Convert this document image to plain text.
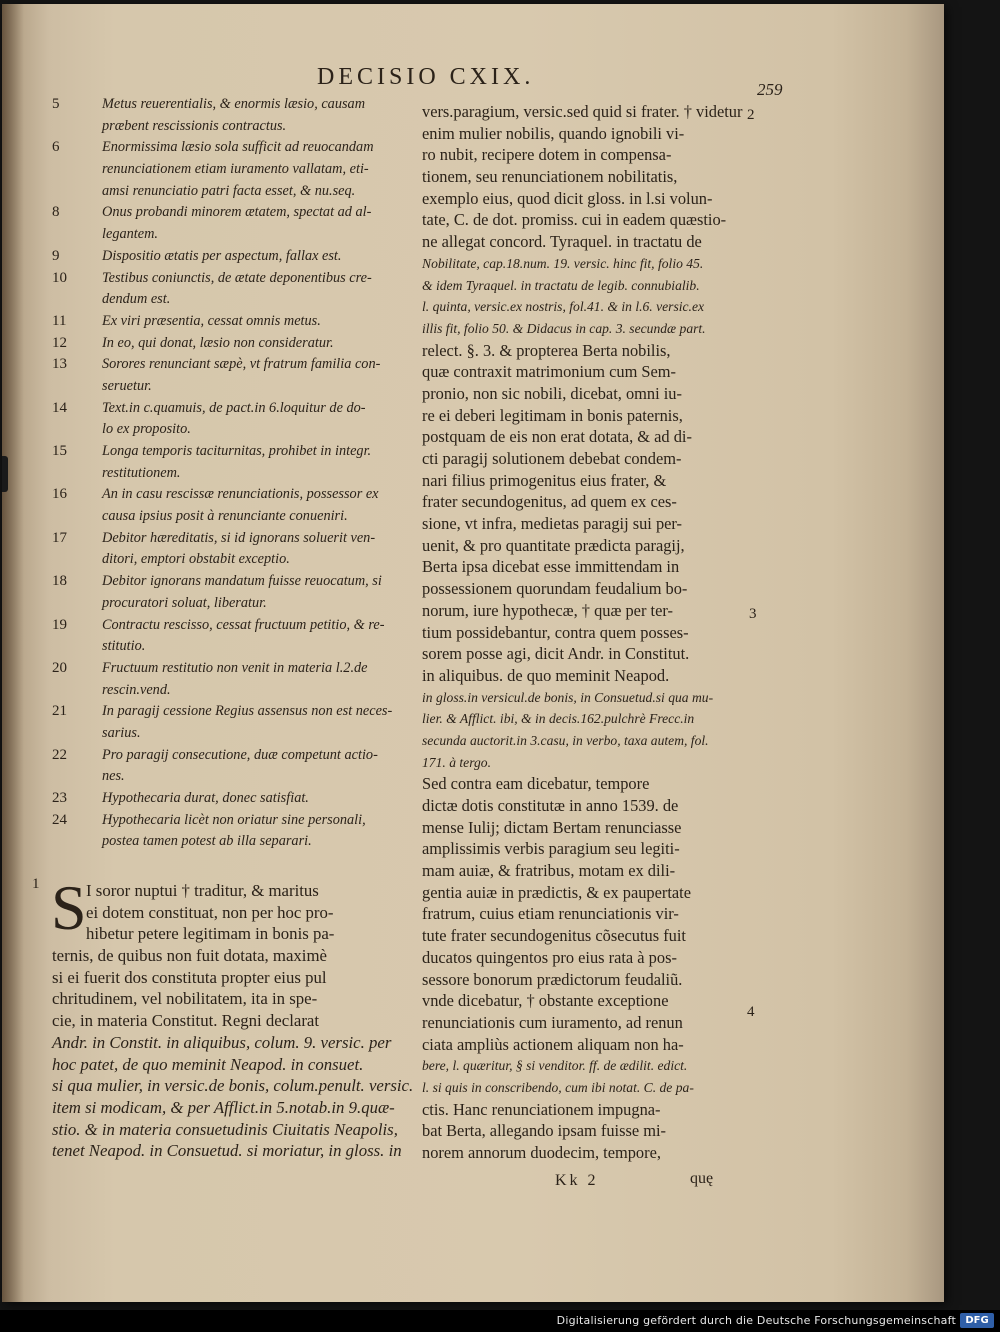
DECISIO CXIX.	259
5	Metus reuerentialis, & enormis læsio, causam
præbent rescissionis contractus.
6	Enormissima læsio sola sufficit ad reuocandam
renunciationem etiam iuramento vallatam, eti-
amsi renunciatio patri facta esset, & nu.seq.
8	Onus probandi minorem ætatem, spectat ad al-
legantem.
9	Dispositio ætatis per aspectum, fallax est.
10	Testibus coniunctis, de ætate deponentibus cre-
dendum est.
11	Ex viri præsentia, cessat omnis metus.
12	In eo, qui donat, læsio non consideratur.
13	Sorores renunciant sæpè, vt fratrum familia con-
seruetur.
14	Text.in c.quamuis, de pact.in 6.loquitur de do-
lo ex proposito.
15	Longa temporis taciturnitas, prohibet in integr.
restitutionem.
16	An in casu rescissæ renunciationis, possessor ex
causa ipsius posit à renunciante conueniri.
17	Debitor hæreditatis, si id ignorans soluerit ven-
ditori, emptori obstabit exceptio.
18	Debitor ignorans mandatum fuisse reuocatum, si
procuratori soluat, liberatur.
19	Contractu rescisso, cessat fructuum petitio, & re-
stitutio.
20	Fructuum restitutio non venit in materia l.2.de
rescin.vend.
21	In paragij cessione Regius assensus non est neces-
sarius.
22	Pro paragij consecutione, duæ competunt actio-
nes.
23	Hypothecaria durat, donec satisfiat.
24	Hypothecaria licèt non oriatur sine personali,
postea tamen potest ab illa separari.
vers.paragium, versic.sed quid si frater. † videtur
enim mulier nobilis, quando ignobili vi-
ro nubit, recipere dotem in compensa-
tionem, seu renunciationem nobilitatis,
exemplo eius, quod dicit gloss. in l.si volun-
tate, C. de dot. promiss. cui in eadem quæstio-
ne allegat concord. Tyraquel. in tractatu de
Nobilitate, cap.18.num. 19. versic. hinc fit, folio 45.
& idem Tyraquel. in tractatu de legib. connubialib.
l. quinta, versic.ex nostris, fol.41. & in l.6. versic.ex
illis fit, folio 50. & Didacus in cap. 3. secundæ part.
relect. §. 3. & propterea Berta nobilis,
quæ contraxit matrimonium cum Sem-
pronio, non sic nobili, dicebat, omni iu-
re ei deberi legitimam in bonis paternis,
postquam de eis non erat dotata, & ad di-
cti paragij solutionem debebat condem-
nari filius primogenitus eius frater, &
frater secundogenitus, ad quem ex ces-
sione, vt infra, medietas paragij sui per-
uenit, & pro quantitate prædicta paragij,
Berta ipsa dicebat esse immittendam in
possessionem quorundam feudalium bo-
norum, iure hypothecæ, † quæ per ter-
tium possidebantur, contra quem posses-
sorem posse agi, dicit Andr. in Constitut.
in aliquibus. de quo meminit Neapod.
in gloss.in versicul.de bonis, in Consuetud.si qua mu-
lier. & Afflict. ibi, & in decis.162.pulchrè Frecc.in
secunda auctorit.in 3.casu, in verbo, taxa autem, fol.
171. à tergo.
Sed contra eam dicebatur, tempore
dictæ dotis constitutæ in anno 1539. de
mense Iulij; dictam Bertam renunciasse
amplissimis verbis paragium seu legiti-
mam auiæ, & fratribus, motam ex dili-
gentia auiæ in prædictis, & ex paupertate
fratrum, cuius etiam renunciationis vir-
tute frater secundogenitus cõsecutus fuit
ducatos quingentos pro eius rata à pos-
sessore bonorum prædictorum feudaliũ.
vnde dicebatur, † obstante exceptione
renunciationis cum iuramento, ad renun
ciata ampliùs actionem aliquam non ha-
bere, l. quæritur, § si venditor. ff. de ædilit. edict.
l. si quis in conscribendo, cum ibi notat. C. de pa-
ctis. Hanc renunciationem impugna-
bat Berta, allegando ipsam fuisse mi-
norem annorum duodecim, tempore,
S I soror nuptui † traditur, & maritus
ei dotem constituat, non per hoc pro-
hibetur petere legitimam in bonis pa-
ternis, de quibus non fuit dotata, maximè
si ei fuerit dos constituta propter eius pul
chritudinem, vel nobilitatem, ita in spe-
cie, in materia Constitut. Regni declarat
Andr. in Constit. in aliquibus, colum. 9. versic. per
hoc patet, de quo meminit Neapod. in consuet.
si qua mulier, in versic.de bonis, colum.penult. versic.
item si modicam, & per Afflict.in 5.notab.in 9.quæ-
stio. & in materia consuetudinis Ciuitatis Neapolis,
tenet Neapod. in Consuetud. si moriatur, in gloss. in
2
3
4
1
Kk 2	quę
Digitalisierung gefördert durch die Deutsche Forschungsgemeinschaft DFG
